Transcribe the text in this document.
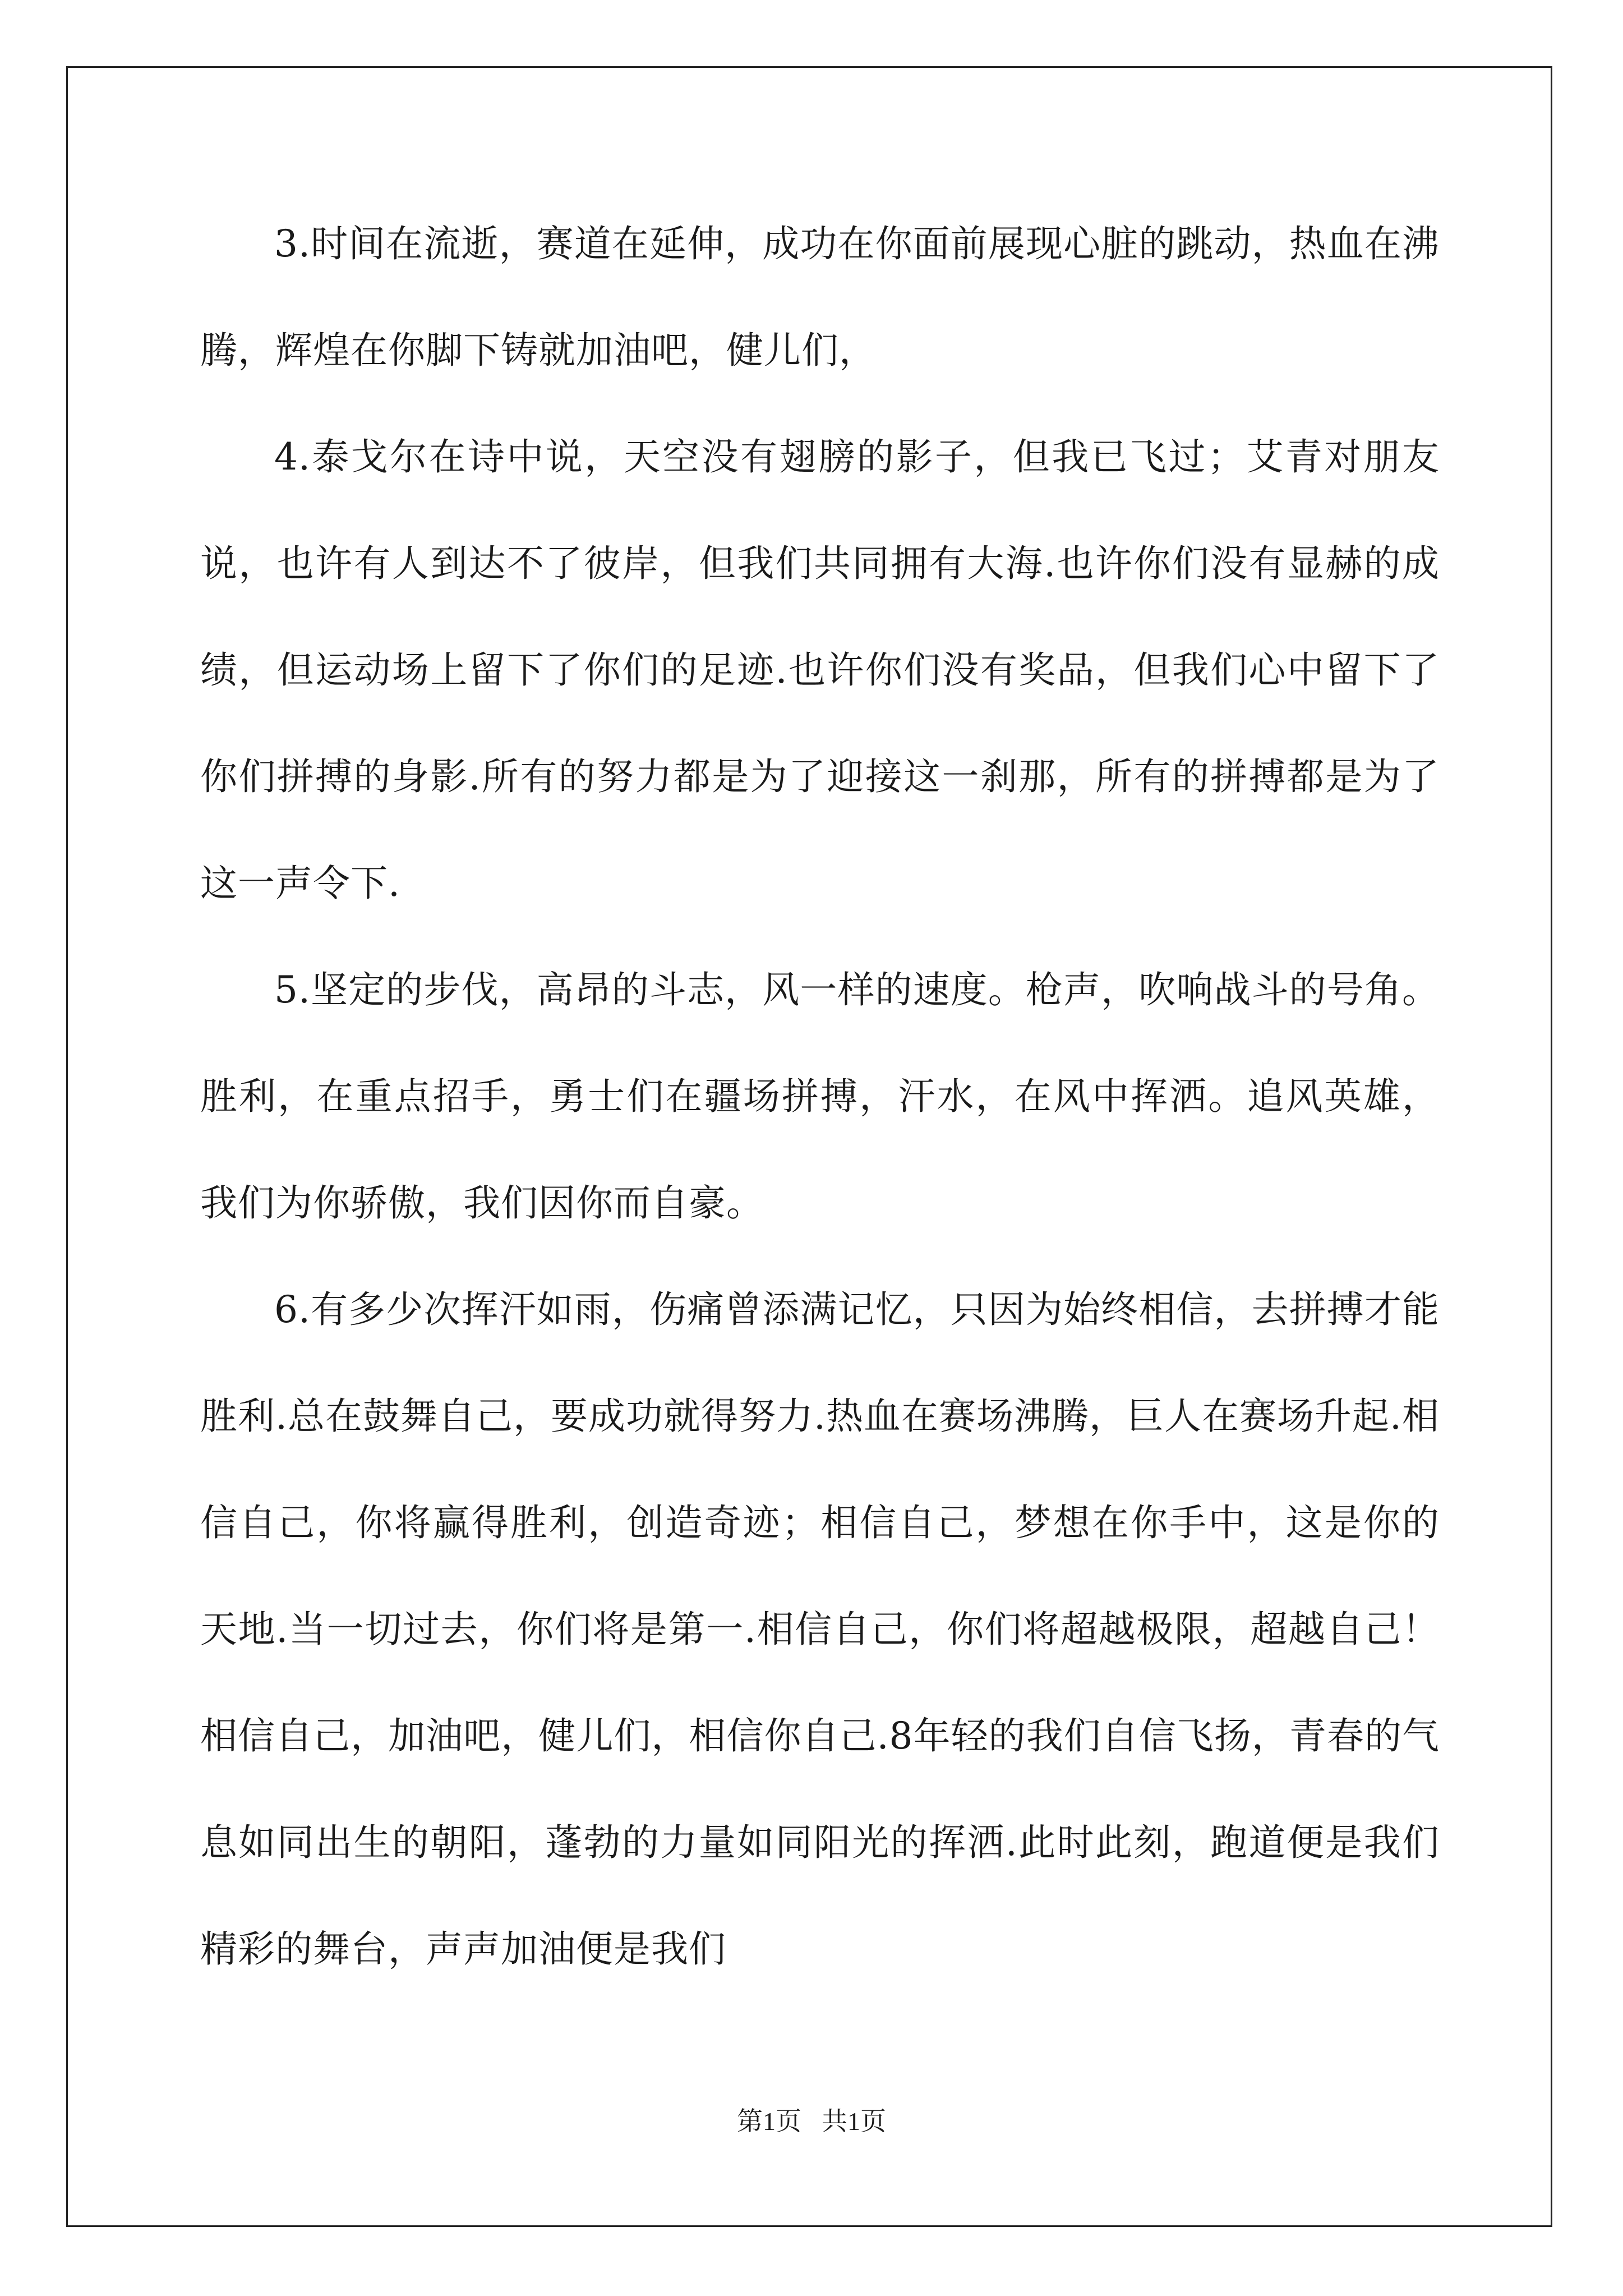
3.时间在流逝，赛道在延伸，成功在你面前展现心脏的跳动，热血在沸腾，辉煌在你脚下铸就加油吧，健儿们，

4.泰戈尔在诗中说，天空没有翅膀的影子，但我已飞过；艾青对朋友说，也许有人到达不了彼岸，但我们共同拥有大海.也许你们没有显赫的成绩，但运动场上留下了你们的足迹.也许你们没有奖品，但我们心中留下了你们拼搏的身影.所有的努力都是为了迎接这一刹那，所有的拼搏都是为了这一声令下.

5.坚定的步伐，高昂的斗志，风一样的速度。枪声，吹响战斗的号角。胜利，在重点招手，勇士们在疆场拼搏，汗水，在风中挥洒。追风英雄，我们为你骄傲，我们因你而自豪。

6.有多少次挥汗如雨，伤痛曾添满记忆，只因为始终相信，去拼搏才能胜利.总在鼓舞自己，要成功就得努力.热血在赛场沸腾，巨人在赛场升起.相信自己，你将赢得胜利，创造奇迹；相信自己，梦想在你手中，这是你的天地.当一切过去，你们将是第一.相信自己，你们将超越极限，超越自己！相信自己，加油吧，健儿们，相信你自己.8年轻的我们自信飞扬，青春的气息如同出生的朝阳，蓬勃的力量如同阳光的挥洒.此时此刻，跑道便是我们精彩的舞台，声声加油便是我们

第1页 共1页
